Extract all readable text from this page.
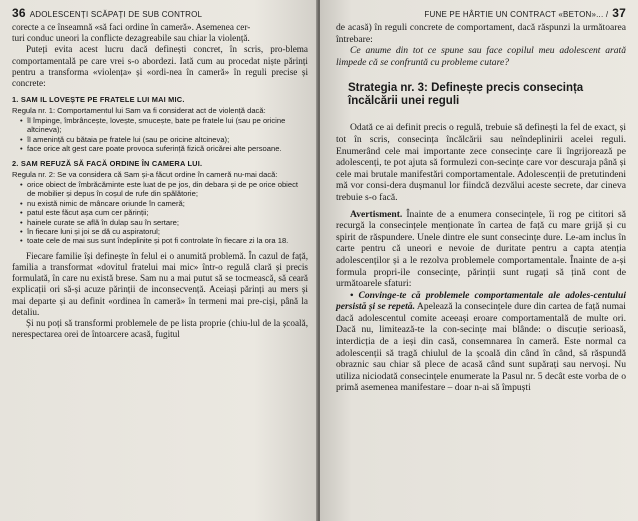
36 ADOLESCENȚI SCĂPAȚI DE SUB CONTROL

corecte a ce înseamnă «să faci ordine în cameră». Asemenea cer-

turi conduc uneori la conflicte dezagreabile sau chiar la violență.

Puteți evita acest lucru dacă definești concret, în scris, pro-blema comportamentală pe care vrei s-o abordezi. Iată cum au procedat niște părinți pentru a transforma «violența» și «ordi-nea în cameră» în reguli precise și concrete:

1. SAM IL LOVEȘTE PE FRATELE LUI MAI MIC.

Regula nr. 1: Comportamentul lui Sam va fi considerat act de violență dacă:

• îl împinge, îmbrâncește, lovește, smucește, bate pe fratele lui (sau pe oricine altcineva);
• îl amenință cu bătaia pe fratele lui (sau pe oricine altcineva);
• face orice alt gest care poate provoca suferință fizică oricărei alte persoane.
2. SAM REFUZĂ SĂ FACĂ ORDINE ÎN CAMERA LUI.

Regula nr. 2: Se va considera că Sam și-a făcut ordine în cameră nu-mai dacă:

• orice obiect de îmbrăcăminte este luat de pe jos, din debara și de pe orice obiect de mobilier și depus în coșul de rufe din spălătorie;
• nu există nimic de mâncare oriunde în cameră;
• patul este făcut așa cum cer părinții;
• hainele curate se află în dulap sau în sertare;
• în fiecare luni și joi se dă cu aspiratorul;
• toate cele de mai sus sunt îndeplinite și pot fi controlate în fiecare zi la ora 18.

Fiecare familie își definește în felul ei o anumită problemă. În cazul de față, familia a transformat «dovitul fratelui mai mic» într-o regulă clară și precis formulată, în care nu există brese. Sam nu a mai putut să se tocmească, să ceară explicații ori să-și acuze părinții de inconsecvență. Aceiași părinți au mers și mai departe și au definit «ordinea în cameră» în termeni mai pre-ciși, până la detaliu.

Și nu poți să transformi problemele de pe lista proprie (chiu-lul de la școală, nerespectarea orei de întoarcere acasă, fugitul

FUNE PE HÂRTIE UN CONTRACT «BETON»... / 37

de acasă) în reguli concrete de comportament, dacă răspunzi la următoarea întrebare:

Ce anume din tot ce spune sau face copilul meu adolescent arată limpede că se confruntă cu probleme cutare?

Strategia nr. 3: Definește precis consecința încălcării unei reguli

Odată ce ai definit precis o regulă, trebuie să definești la fel de exact, și tot în scris, consecința încălcării sau neîndeplinirii acelei reguli. Enumerând cele mai importante zece consecințe care îi îngrijorează pe adolescenți, te pot ajuta să formulezi con-secințe care vor descuraja până și cele mai brutale manifestări comportamentale. Adolescenții de pretutindeni mă vor consi-dera dușmanul lor fiindcă dezvălui aceste secrete, dar cineva trebuie s-o facă.

Avertisment. Înainte de a enumera consecințele, îi rog pe cititori să recurgă la consecințele menționate în cartea de față cu mare grijă și cu spirit de răspundere. Unele dintre ele sunt consecințe dure. Le-am inclus în carte pentru că uneori e nevoie de duritate pentru a capta atenția adolescenților și a le rezolva problemele comportamentale. Înainte de a-și formula propri-ile consecințe, părinții sunt rugați să țină cont de următoarele sfaturi:

• Convinge-te că problemele comportamentale ale adoles-centului persistă și se repetă. Apelează la consecințele dure din cartea de față numai dacă adolescentul comite aceeași eroare comportamentală de multe ori. Dacă nu, limitează-te la con-secințe mai blânde: o discuție serioasă, interdicția de a ieși din casă, consemnarea în cameră. Este normal ca adolescenții să tragă chiulul de la școală din când în când, să răspundă obraznic sau chiar să plece de acasă când sunt supărați sau nervoși. Nu utiliza niciodată consecințele enumerate la Pasul nr. 5 decât este vorba de o primă asemenea manifestare – doar n-ai să împuști
